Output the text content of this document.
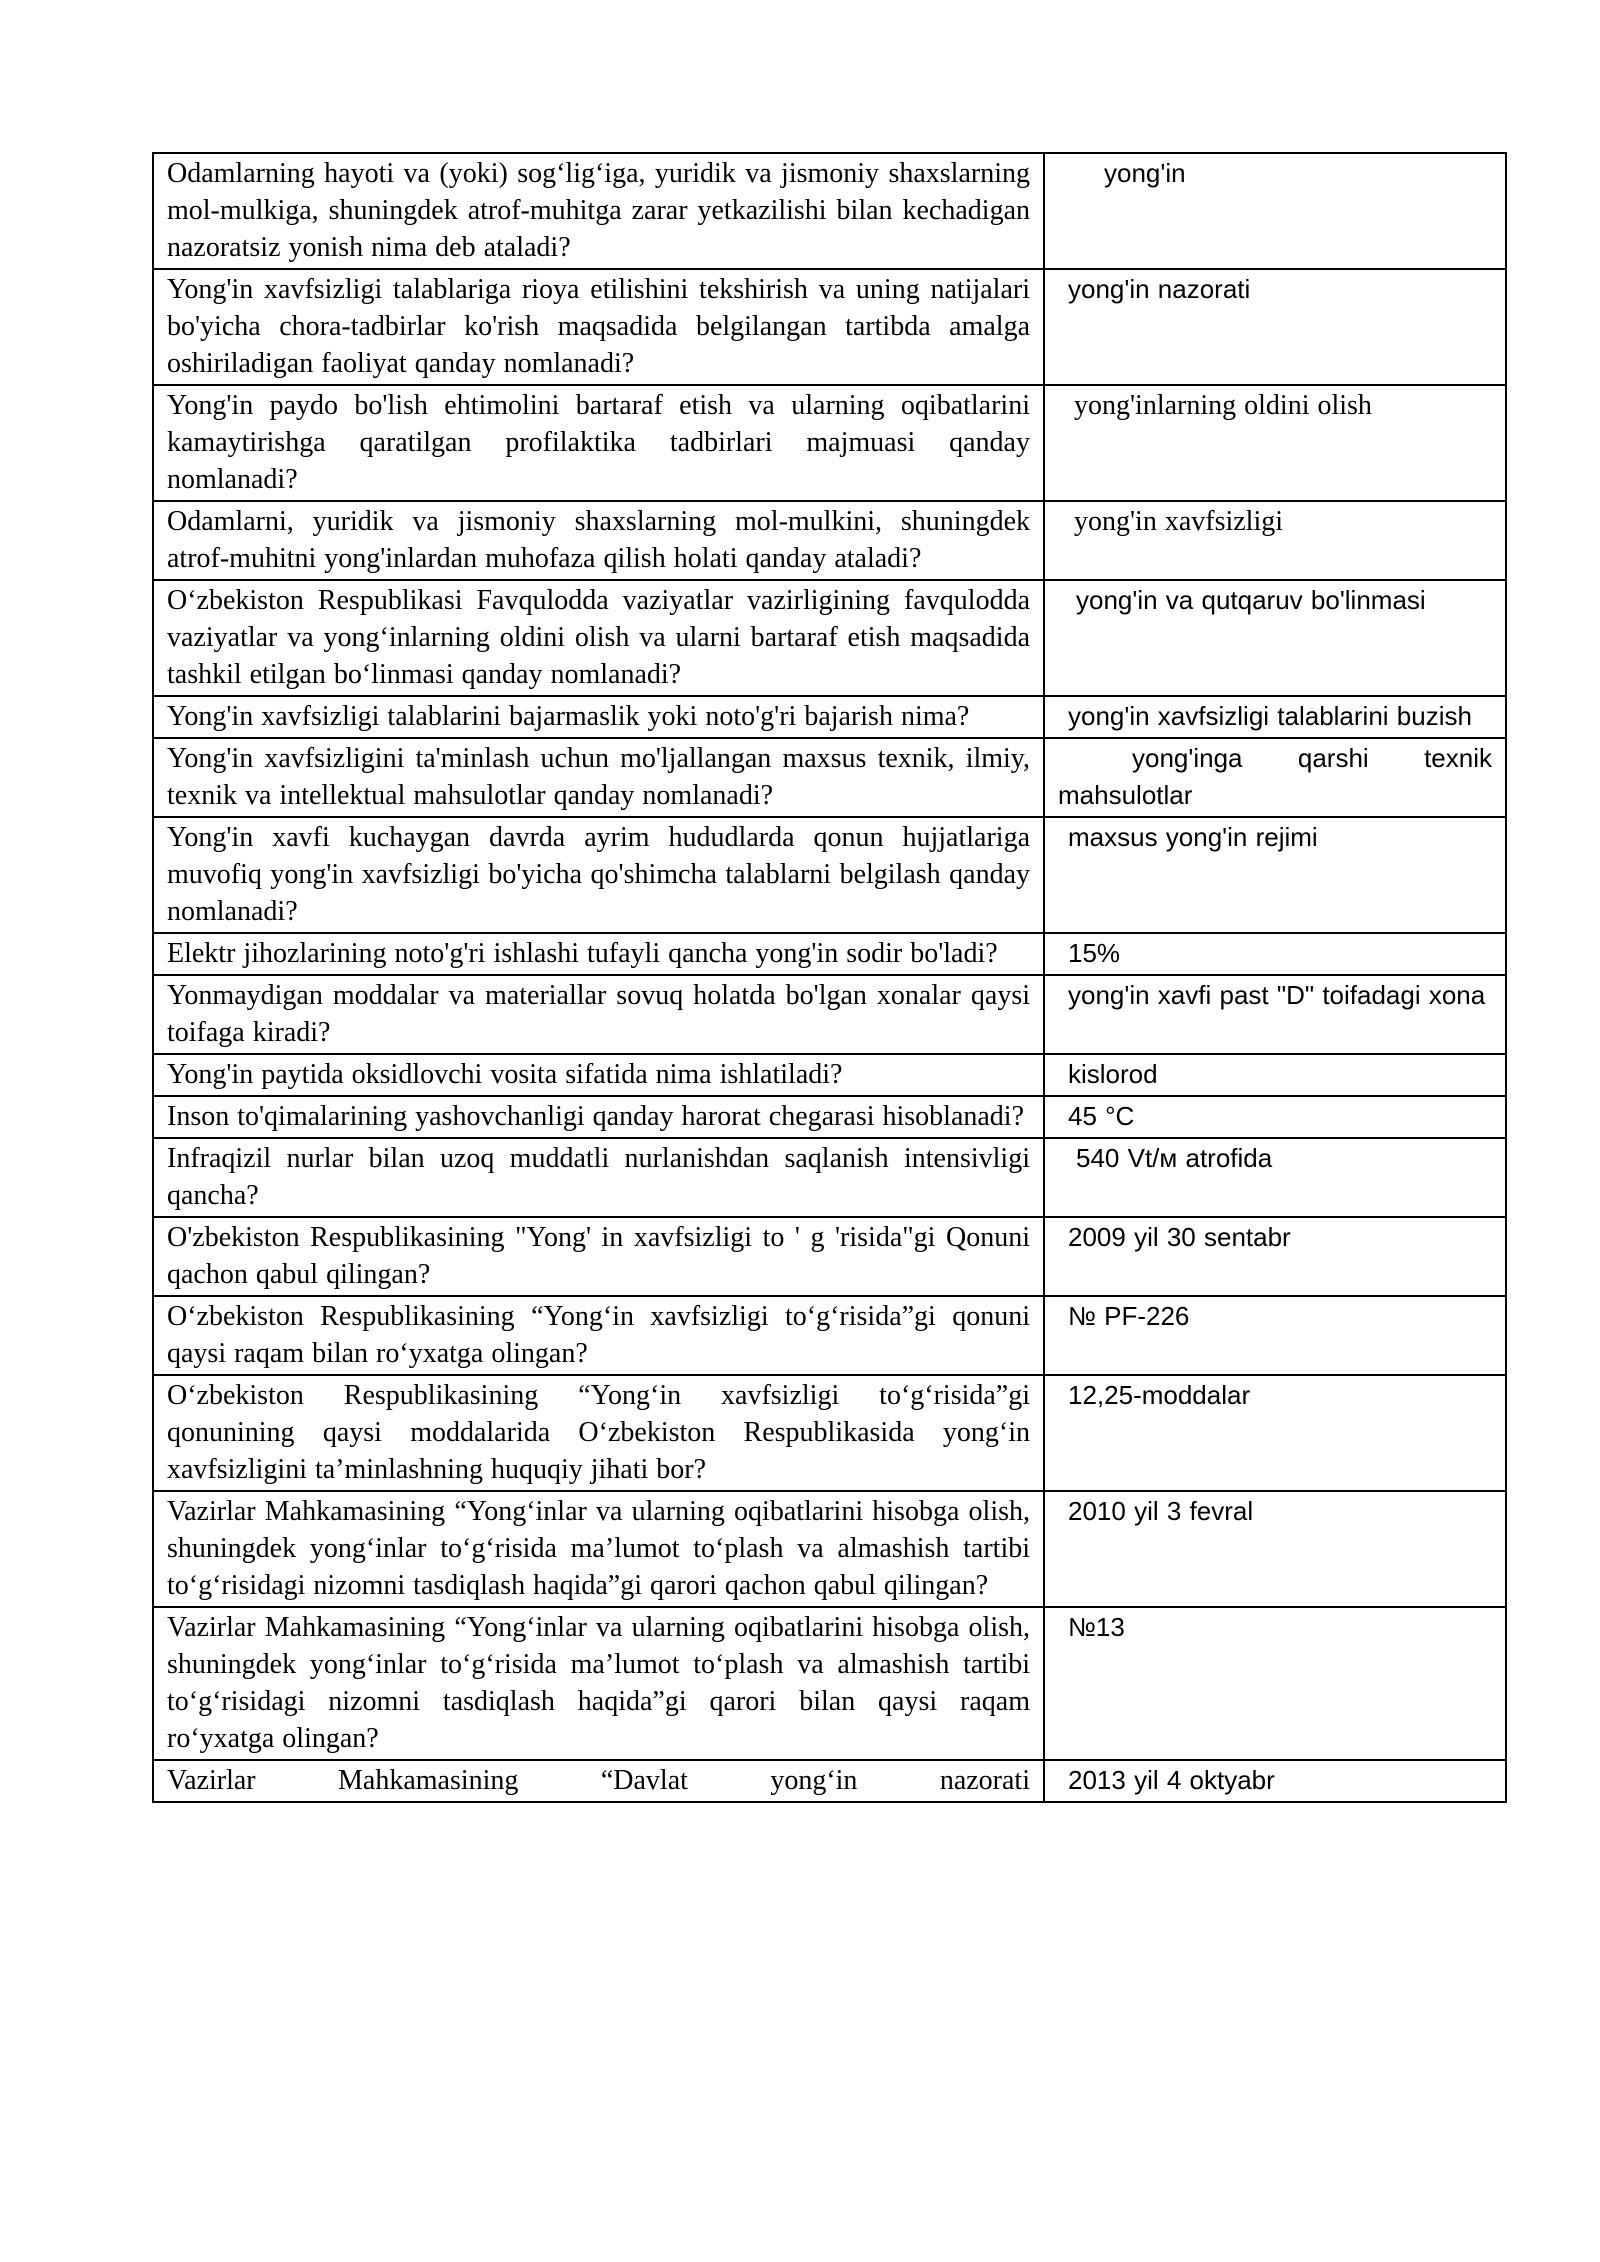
Odamlarning hayoti va (yoki) sog‘lig‘iga, yuridik va jismoniy shaxslarning mol-mulkiga, shuningdek atrof-muhitga zarar yetkazilishi bilan kechadigan nazoratsiz yonish nima deb ataladi?	yong'in
Yong'in xavfsizligi talablariga rioya etilishini tekshirish va uning natijalari bo'yicha chora-tadbirlar ko'rish maqsadida belgilangan tartibda amalga oshiriladigan faoliyat qanday nomlanadi?	yong'in nazorati
Yong'in paydo bo'lish ehtimolini bartaraf etish va ularning oqibatlarini kamaytirishga qaratilgan profilaktika tadbirlari majmuasi qanday nomlanadi?	yong'inlarning oldini olish
Odamlarni, yuridik va jismoniy shaxslarning mol-mulkini, shuningdek atrof-muhitni yong'inlardan muhofaza qilish holati qanday ataladi?	yong'in xavfsizligi
O‘zbekiston Respublikasi Favqulodda vaziyatlar vazirligining favqulodda vaziyatlar va yong‘inlarning oldini olish va ularni bartaraf etish maqsadida tashkil etilgan bo‘linmasi qanday nomlanadi?	yong'in va qutqaruv bo'linmasi
Yong'in xavfsizligi talablarini bajarmaslik yoki noto'g'ri bajarish nima?	yong'in xavfsizligi talablarini buzish
Yong'in xavfsizligini ta'minlash uchun mo'ljallangan maxsus texnik, ilmiy, texnik va intellektual mahsulotlar qanday nomlanadi?	yong'inga qarshi texnik mahsulotlar
Yong'in xavfi kuchaygan davrda ayrim hududlarda qonun hujjatlariga muvofiq yong'in xavfsizligi bo'yicha qo'shimcha talablarni belgilash qanday nomlanadi?	maxsus yong'in rejimi
Elektr jihozlarining noto'g'ri ishlashi tufayli qancha yong'in sodir bo'ladi?	15%
Yonmaydigan moddalar va materiallar sovuq holatda bo'lgan xonalar qaysi toifaga kiradi?	yong'in xavfi past "D" toifadagi xona
Yong'in paytida oksidlovchi vosita sifatida nima ishlatiladi?	kislorod
Inson to'qimalarining yashovchanligi qanday harorat chegarasi hisoblanadi?	45 °C
Infraqizil nurlar bilan uzoq muddatli nurlanishdan saqlanish intensivligi qancha?	540 Vt/м atrofida
O'zbekiston Respublikasining "Yong' in xavfsizligi to ' g 'risida"gi Qonuni qachon qabul qilingan?	2009 yil 30 sentabr
O‘zbekiston Respublikasining “Yong‘in xavfsizligi to‘g‘risida”gi qonuni qaysi raqam bilan ro‘yxatga olingan?	№ PF-226
O‘zbekiston Respublikasining “Yong‘in xavfsizligi to‘g‘risida”gi qonunining qaysi moddalarida O‘zbekiston Respublikasida yong‘in xavfsizligini ta’minlashning huquqiy jihati bor?	12,25-moddalar
Vazirlar Mahkamasining “Yong‘inlar va ularning oqibatlarini hisobga olish, shuningdek yong‘inlar to‘g‘risida ma’lumot to‘plash va almashish tartibi to‘g‘risidagi nizomni tasdiqlash haqida”gi qarori qachon qabul qilingan?	2010 yil 3 fevral
Vazirlar Mahkamasining “Yong‘inlar va ularning oqibatlarini hisobga olish, shuningdek yong‘inlar to‘g‘risida ma’lumot to‘plash va almashish tartibi to‘g‘risidagi nizomni tasdiqlash haqida”gi qarori bilan qaysi raqam ro‘yxatga olingan?	№13
Vazirlar Mahkamasining “Davlat yong‘in nazorati	2013 yil 4 oktyabr
